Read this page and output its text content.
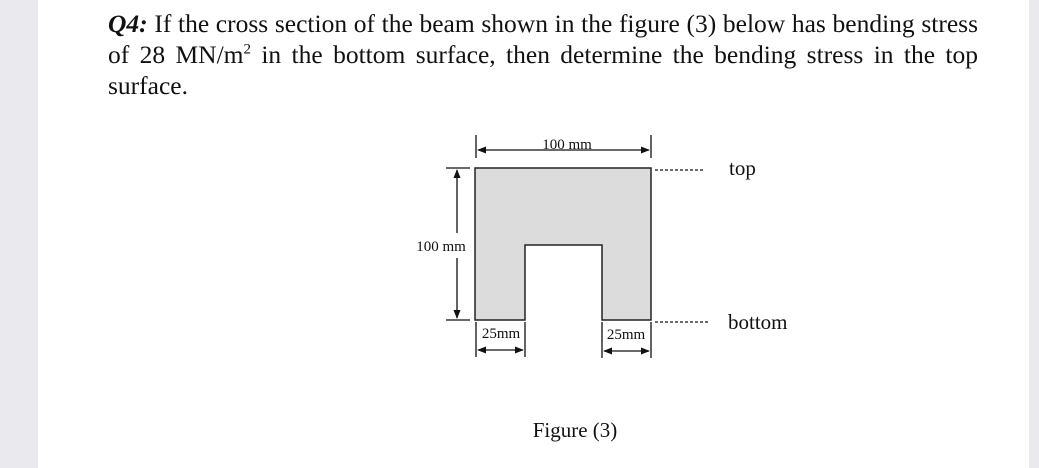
Q4: If the cross section of the beam shown in the figure (3) below has bending stress of 28 $MN/m^2$ in the bottom surface, then determine the bending stress in the top surface.
100 mm
100 mm
25mm	25mm
top
bottom
Figure (3)
